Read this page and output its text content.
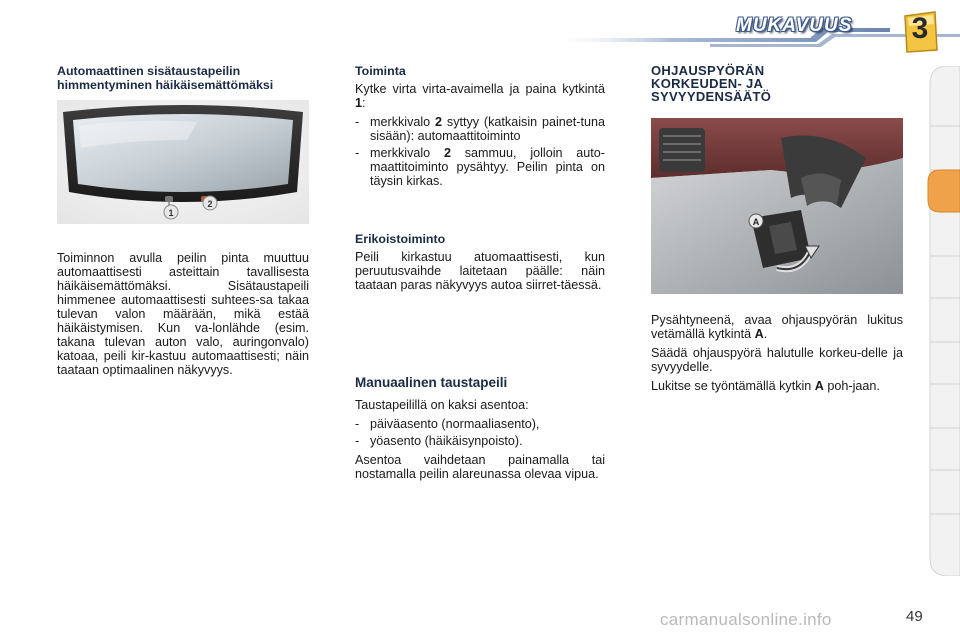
MUKAVUUS	3
Automaattinen sisätaustapeilin
himmentyminen häikäisemättömäksi
1
2

Toiminnon avulla peilin pinta muuttuu automaattisesti asteittain tavallisesta häikäisemättömäksi. Sisätaustapeili himmenee automaattisesti suhtees-sa takaa tulevan valon määrään, mikä estää häikäistymisen. Kun va-lonlähde (esim. takana tulevan auton valo, auringonvalo) katoaa, peili kir-kastuu automaattisesti; näin taataan optimaalinen näkyvyys.

Toiminta

Kytke virta virta-avaimella ja paina kytkintä 1:

- merkkivalo 2 syttyy (katkaisin painet-tuna sisään): automaattitoiminto
- merkkivalo 2 sammuu, jolloin auto-maattitoiminto pysähtyy. Peilin pinta on täysin kirkas.
Erikoistoiminto

Peili kirkastuu atuomaattisesti, kun peruutusvaihde laitetaan päälle: näin taataan paras näkyvyys autoa siirret-täessä.

Manuaalinen taustapeili

Taustapeilillä on kaksi asentoa:

- päiväasento (normaaliasento),
- yöasento (häikäisynpoisto).

Asentoa vaihdetaan painamalla tai nostamalla peilin alareunassa olevaa vipua.

OHJAUSPYÖRÄN
KORKEUDEN- JA
SYVYYDENSÄÄTÖ
A

Pysähtyneenä, avaa ohjauspyörän lukitus vetämällä kytkintä A.

Säädä ohjauspyörä halutulle korkeu-delle ja syvyydelle.

Lukitse se työntämällä kytkin A poh-jaan.

carmanualsonline.info	49
